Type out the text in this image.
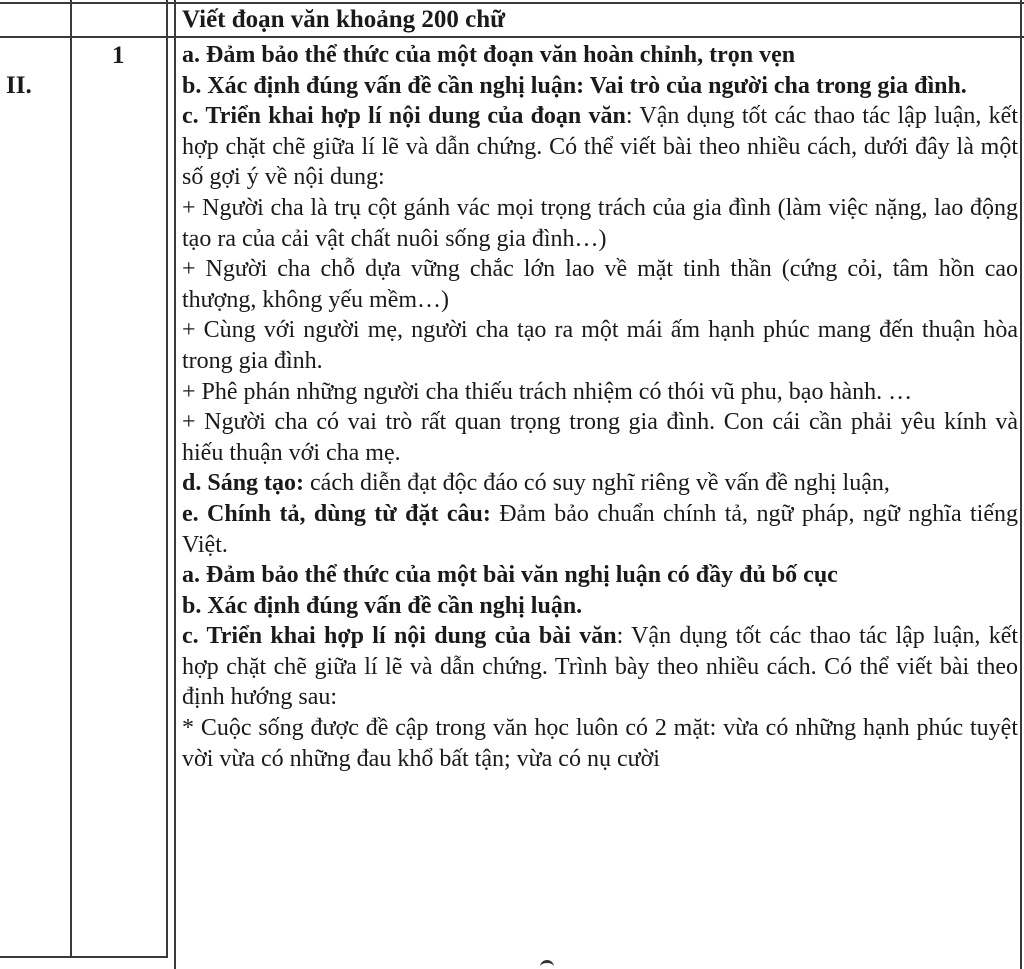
Viết đoạn văn khoảng 200 chữ
II.
1 a. Đảm bảo thể thức của một đoạn văn hoàn chỉnh, trọn vẹn

b. Xác định đúng vấn đề cần nghị luận: Vai trò của người cha trong gia đình.

c. Triển khai hợp lí nội dung của đoạn văn: Vận dụng tốt các thao tác lập luận, kết hợp chặt chẽ giữa lí lẽ và dẫn chứng. Có thể viết bài theo nhiều cách, dưới đây là một số gợi ý về nội dung:

+ Người cha là trụ cột gánh vác mọi trọng trách của gia đình (làm việc nặng, lao động tạo ra của cải vật chất nuôi sống gia đình…)

+ Người cha chỗ dựa vững chắc lớn lao về mặt tinh thần (cứng cỏi, tâm hồn cao thượng, không yếu mềm…)

+ Cùng với người mẹ, người cha tạo ra một mái ấm hạnh phúc mang đến thuận hòa trong gia đình.

+ Phê phán những người cha thiếu trách nhiệm có thói vũ phu, bạo hành. …

+ Người cha có vai trò rất quan trọng trong gia đình. Con cái cần phải yêu kính và hiếu thuận với cha mẹ.

d. Sáng tạo: cách diễn đạt độc đáo có suy nghĩ riêng về vấn đề nghị luận,

e. Chính tả, dùng từ đặt câu: Đảm bảo chuẩn chính tả, ngữ pháp, ngữ nghĩa tiếng Việt.

a. Đảm bảo thể thức của một bài văn nghị luận có đầy đủ bố cục

b. Xác định đúng vấn đề cần nghị luận.

c. Triển khai hợp lí nội dung của bài văn: Vận dụng tốt các thao tác lập luận, kết hợp chặt chẽ giữa lí lẽ và dẫn chứng. Trình bày theo nhiều cách. Có thể viết bài theo định hướng sau:

* Cuộc sống được đề cập trong văn học luôn có 2 mặt: vừa có những hạnh phúc tuyệt vời vừa có những đau khổ bất tận; vừa có nụ cười
